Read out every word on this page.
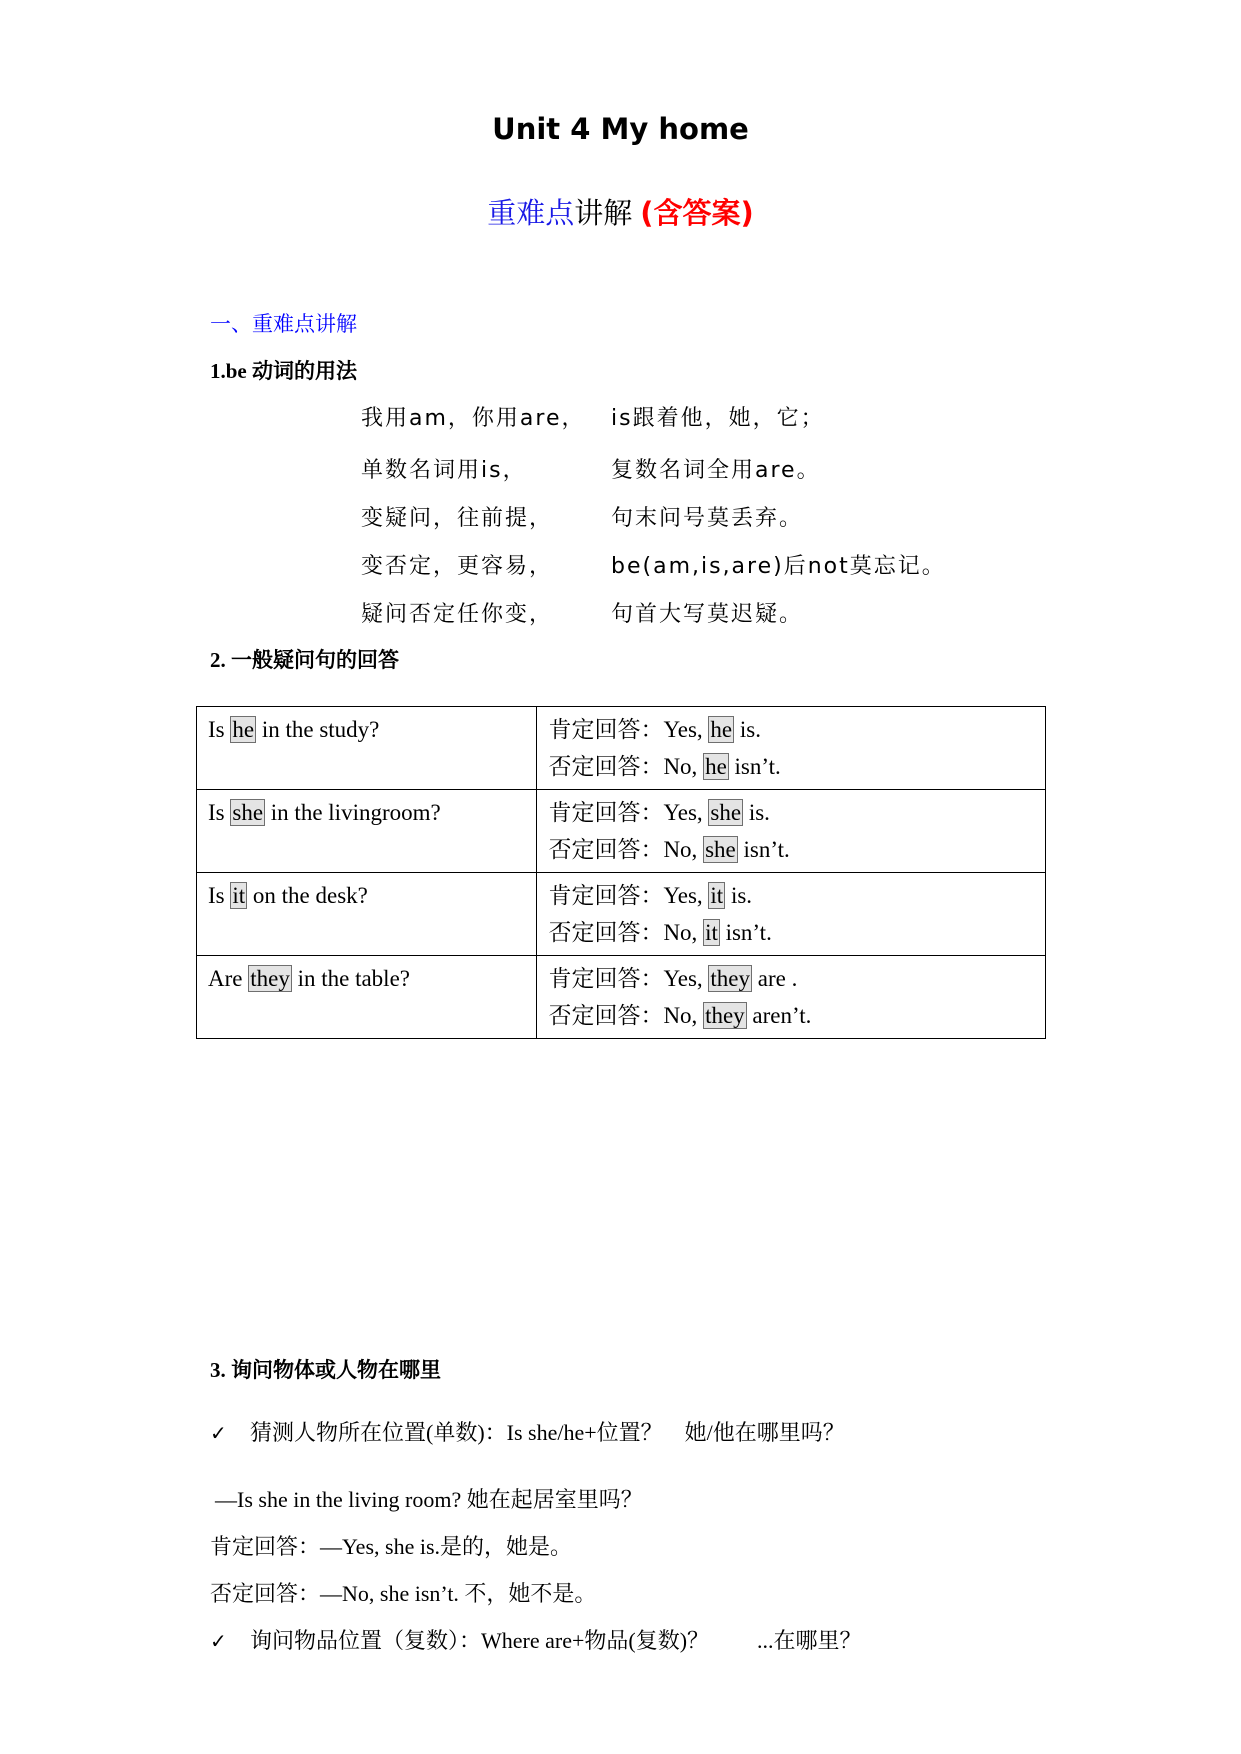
Unit 4 My home
重难点讲解 (含答案)
一、重难点讲解
1.be 动词的用法
我用am，你用are， is跟着他，她，它；
单数名词用is，	复数名词全用are。
变疑问，往前提，	句末问号莫丢弃。
变否定，更容易，	be(am,is,are)后not莫忘记。
疑问否定任你变，	句首大写莫迟疑。
2. 一般疑问句的回答
Is he in the study?	肯定回答：Yes, he is.
否定回答：No, he isn’t.

Is she in the livingroom?	肯定回答：Yes, she is.
否定回答：No, she isn’t.

Is it on the desk?	肯定回答：Yes, it is.
否定回答：No, it isn’t.

Are they in the table?	肯定回答：Yes, they are .
否定回答：No, they aren’t.
3. 询问物体或人物在哪里
✓ 猜测人物所在位置(单数)：Is she/he+位置？ 她/他在哪里吗？
—Is she in the living room? 她在起居室里吗？
肯定回答：—Yes, she is.是的，她是。
否定回答：—No, she isn’t. 不，她不是。
✓ 询问物品位置（复数）：Where are+物品(复数)？ ...在哪里？
